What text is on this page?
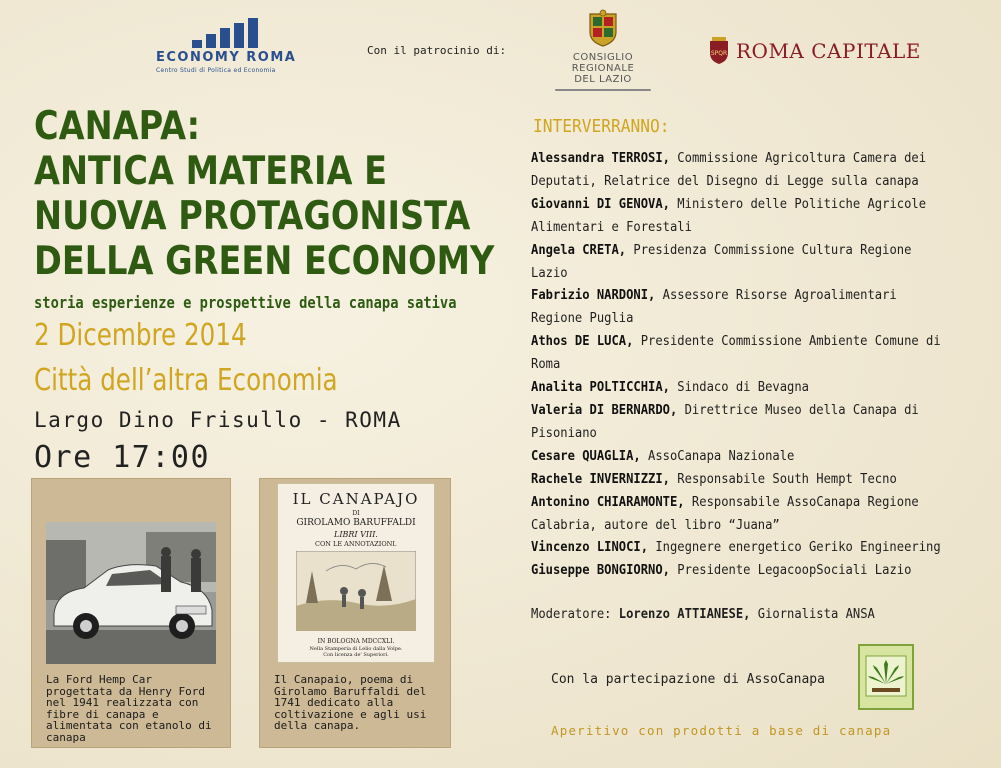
ECONOMY ROMA
Centro Studi di Politica ed Economia
Con il patrocinio di:
CONSIGLIO
REGIONALE
DEL LAZIO
SPQR ROMA CAPITALE
CANAPA:
ANTICA MATERIA E
NUOVA PROTAGONISTA
DELLA GREEN ECONOMY
storia esperienze e prospettive della canapa sativa
2 Dicembre 2014
Città dell’altra Economia
Largo Dino Frisullo - ROMA
Ore 17:00
La Ford Hemp Car progettata da Henry Ford nel 1941 realizzata con fibre di canapa e alimentata con etanolo di canapa
IL CANAPAJO
DI
GIROLAMO BARUFFALDI
LIBRI VIII.
CON LE ANNOTAZIONI.
IN BOLOGNA MDCCXLI.
Nella Stamperia di Lelio dalla Volpe.
Con licenza de' Superiori.
Il Canapaio, poema di Girolamo Baruffaldi del 1741 dedicato alla coltivazione e agli usi della canapa.
INTERVERRANNO:
Alessandra TERROSI, Commissione Agricoltura Camera dei
Deputati, Relatrice del Disegno di Legge sulla canapa
Giovanni DI GENOVA, Ministero delle Politiche Agricole
Alimentari e Forestali
Angela CRETA, Presidenza Commissione Cultura Regione
Lazio
Fabrizio NARDONI, Assessore Risorse Agroalimentari
Regione Puglia
Athos DE LUCA, Presidente Commissione Ambiente Comune di
Roma
Analita POLTICCHIA, Sindaco di Bevagna
Valeria DI BERNARDO, Direttrice Museo della Canapa di
Pisoniano
Cesare QUAGLIA, AssoCanapa Nazionale
Rachele INVERNIZZI, Responsabile South Hempt Tecno
Antonino CHIARAMONTE, Responsabile AssoCanapa Regione
Calabria, autore del libro “Juana”
Vincenzo LINOCI, Ingegnere energetico Geriko Engineering
Giuseppe BONGIORNO, Presidente LegacoopSociali Lazio
Moderatore: Lorenzo ATTIANESE, Giornalista ANSA
Con la partecipazione di AssoCanapa
Aperitivo con prodotti a base di canapa
